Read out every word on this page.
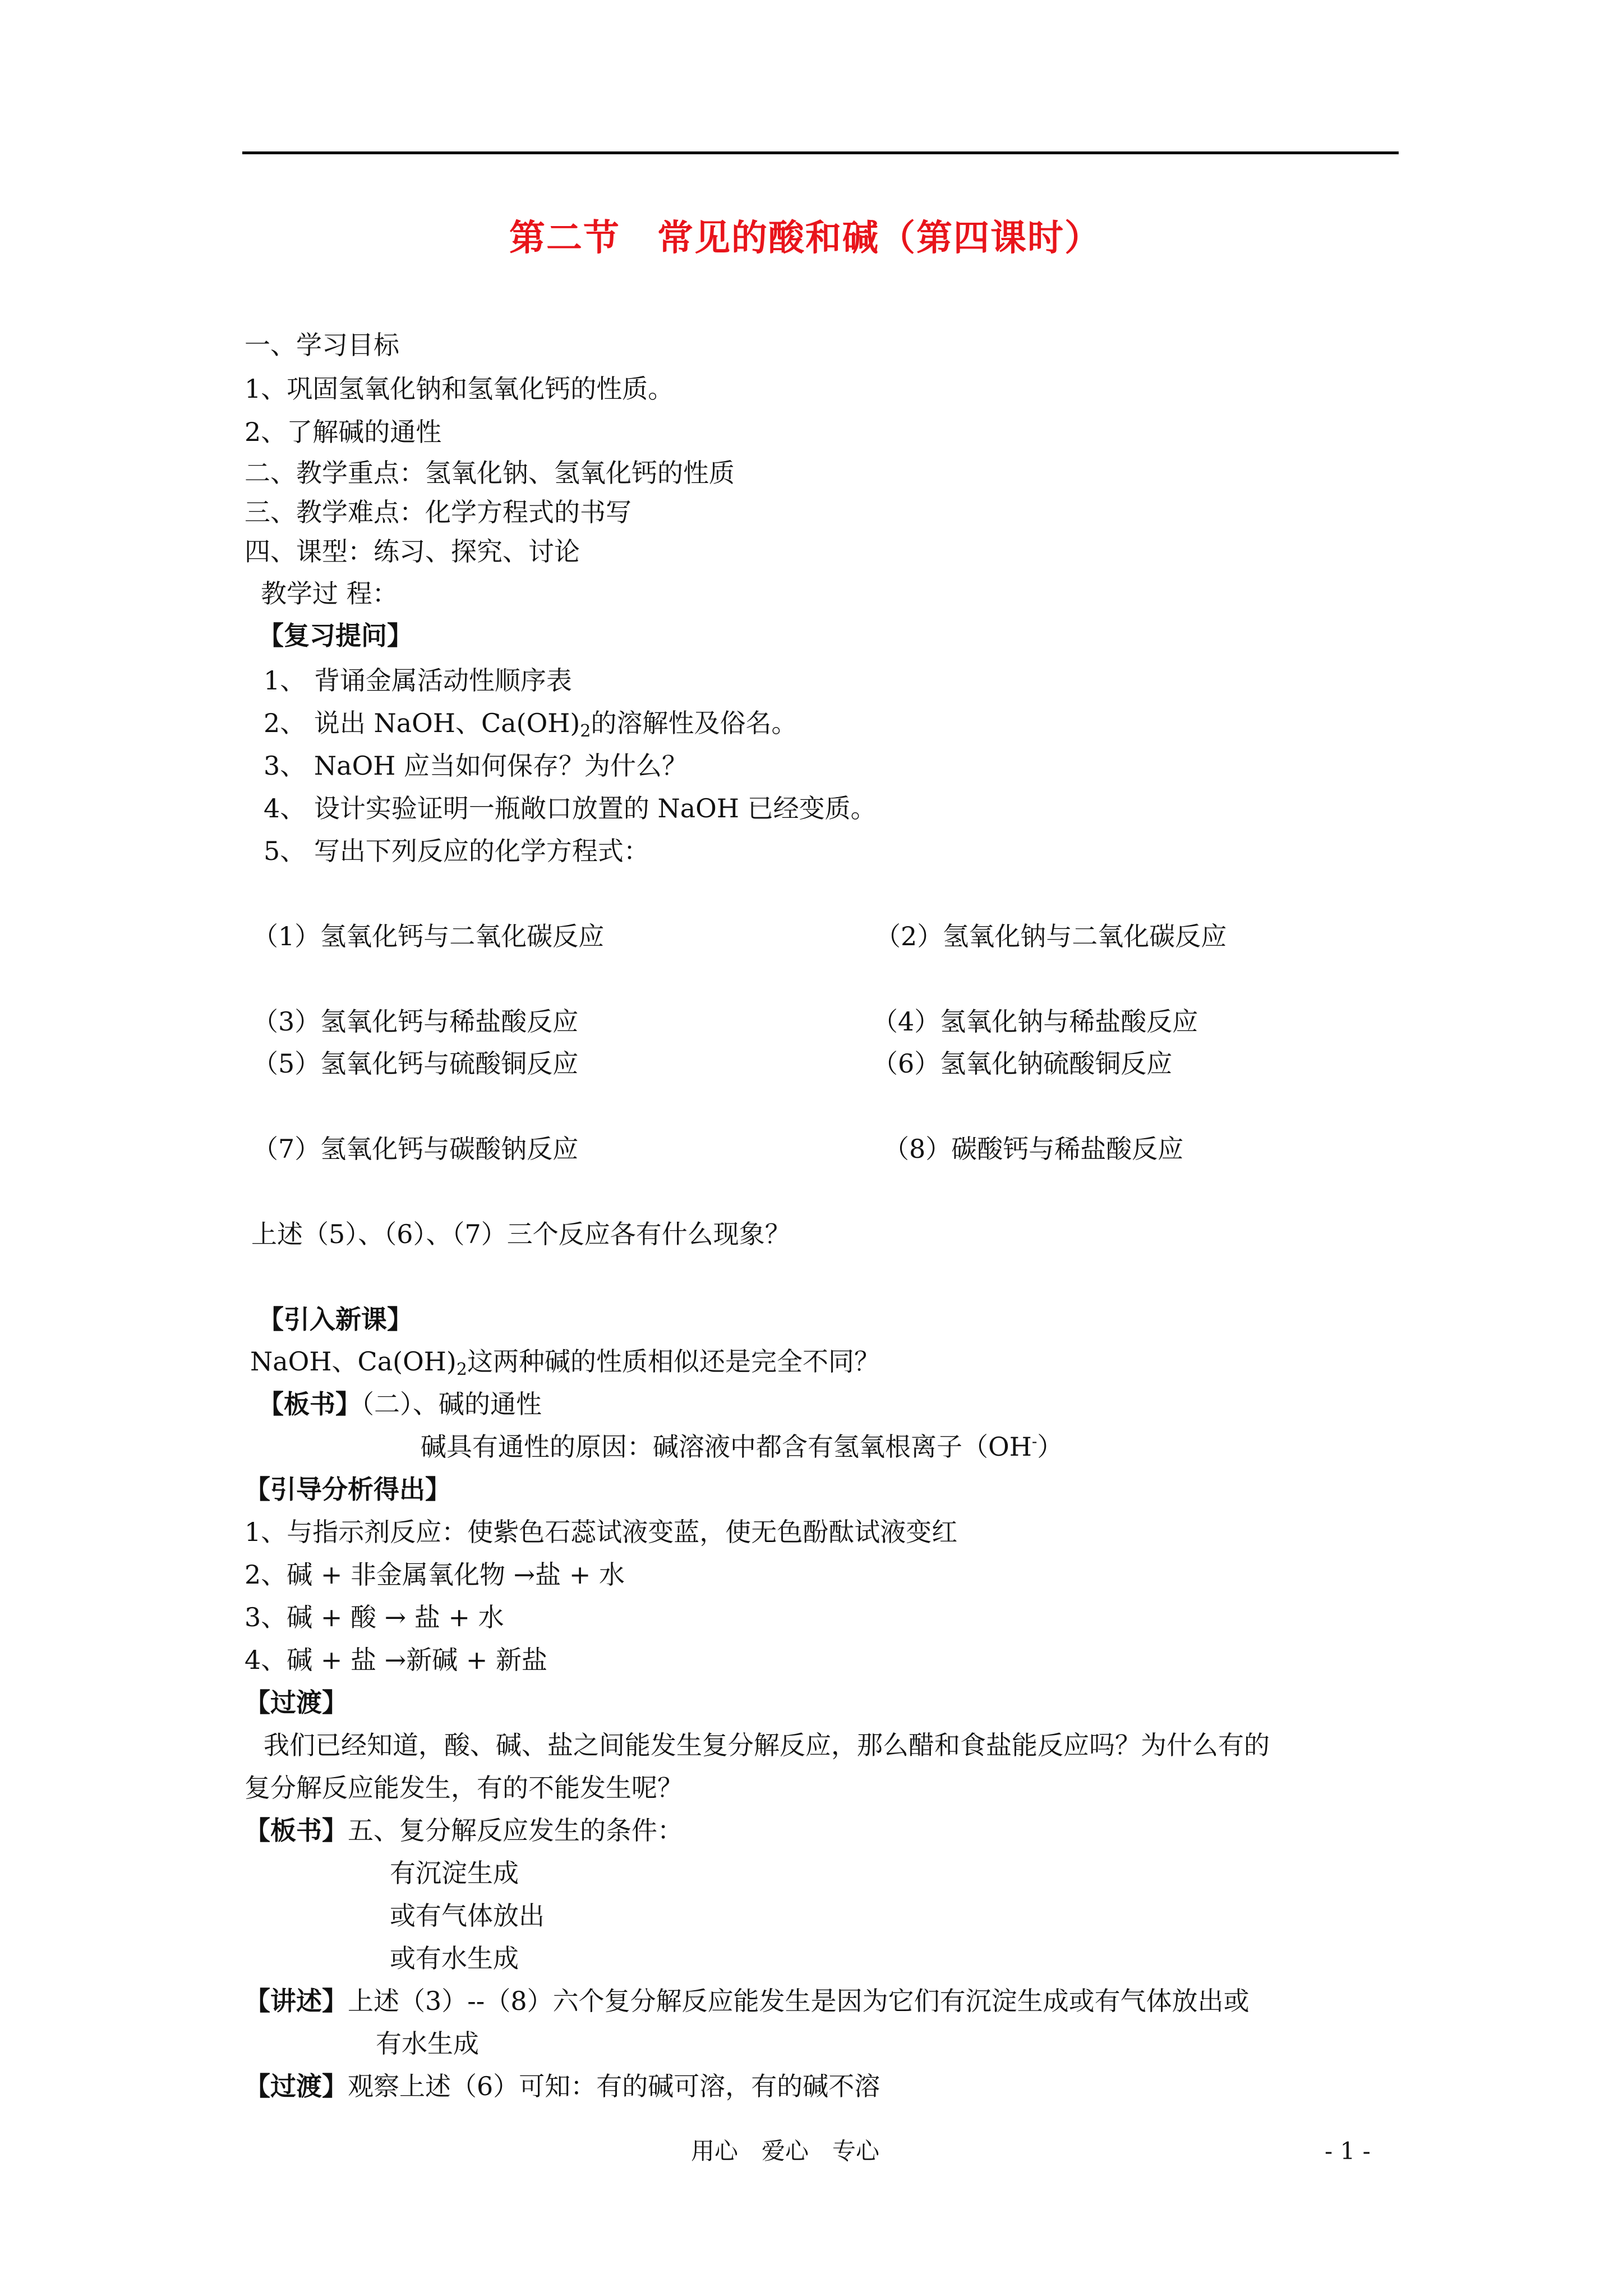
第二节　常见的酸和碱（第四课时）
一、学习目标
1、巩固氢氧化钠和氢氧化钙的性质。
2、了解碱的通性
二、教学重点：氢氧化钠、氢氧化钙的性质
三、教学难点：化学方程式的书写
四、课型：练习、探究、讨论
教学过 程：
【复习提问】
1、 背诵金属活动性顺序表
2、 说出 NaOH、$Ca(OH)_2$的溶解性及俗名。
3、 NaOH 应当如何保存？为什么？
4、 设计实验证明一瓶敞口放置的 NaOH 已经变质。
5、 写出下列反应的化学方程式：
（1）氢氧化钙与二氧化碳反应	（2）氢氧化钠与二氧化碳反应
（3）氢氧化钙与稀盐酸反应	（4）氢氧化钠与稀盐酸反应
（5）氢氧化钙与硫酸铜反应	（6）氢氧化钠硫酸铜反应
（7）氢氧化钙与碳酸钠反应	（8）碳酸钙与稀盐酸反应
上述（5）、（6）、（7）三个反应各有什么现象？
【引入新课】
NaOH、$Ca(OH)_2$这两种碱的性质相似还是完全不同？
【板书】（二）、碱的通性
碱具有通性的原因：碱溶液中都含有氢氧根离子（OH-）
【引导分析得出】
1、与指示剂反应：使紫色石蕊试液变蓝，使无色酚酞试液变红
2、碱 + 非金属氧化物 →盐 + 水
3、碱 + 酸 → 盐 + 水
4、碱 + 盐 →新碱 + 新盐
【过渡】
我们已经知道，酸、碱、盐之间能发生复分解反应，那么醋和食盐能反应吗？为什么有的
复分解反应能发生，有的不能发生呢？
【板书】五、复分解反应发生的条件：
有沉淀生成
或有气体放出
或有水生成
【讲述】上述（3）--（8）六个复分解反应能发生是因为它们有沉淀生成或有气体放出或
有水生成
【过渡】观察上述（6）可知：有的碱可溶，有的碱不溶
用心　爱心　专心	- 1 -
